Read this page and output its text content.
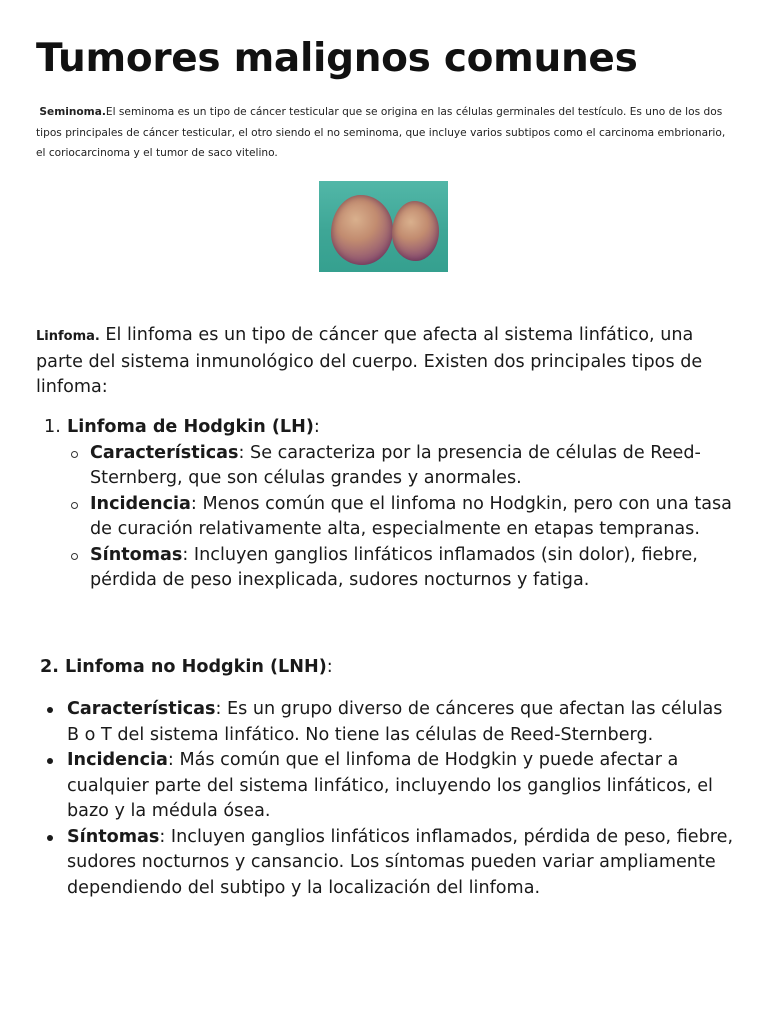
Tumores malignos comunes

Seminoma.El seminoma es un tipo de cáncer testicular que se origina en las células germinales del testículo. Es uno de los dos tipos principales de cáncer testicular, el otro siendo el no seminoma, que incluye varios subtipos como el carcinoma embrionario, el coriocarcinoma y el tumor de saco vitelino.

Linfoma. El linfoma es un tipo de cáncer que afecta al sistema linfático, una parte del sistema inmunológico del cuerpo. Existen dos principales tipos de linfoma:

1. Linfoma de Hodgkin (LH):
Características: Se caracteriza por la presencia de células de Reed-Sternberg, que son células grandes y anormales.
Incidencia: Menos común que el linfoma no Hodgkin, pero con una tasa de curación relativamente alta, especialmente en etapas tempranas.
Síntomas: Incluyen ganglios linfáticos inflamados (sin dolor), fiebre, pérdida de peso inexplicada, sudores nocturnos y fatiga.
2. Linfoma no Hodgkin (LNH):
Características: Es un grupo diverso de cánceres que afectan las células B o T del sistema linfático. No tiene las células de Reed-Sternberg.
Incidencia: Más común que el linfoma de Hodgkin y puede afectar a cualquier parte del sistema linfático, incluyendo los ganglios linfáticos, el bazo y la médula ósea.
Síntomas: Incluyen ganglios linfáticos inflamados, pérdida de peso, fiebre, sudores nocturnos y cansancio. Los síntomas pueden variar ampliamente dependiendo del subtipo y la localización del linfoma.
